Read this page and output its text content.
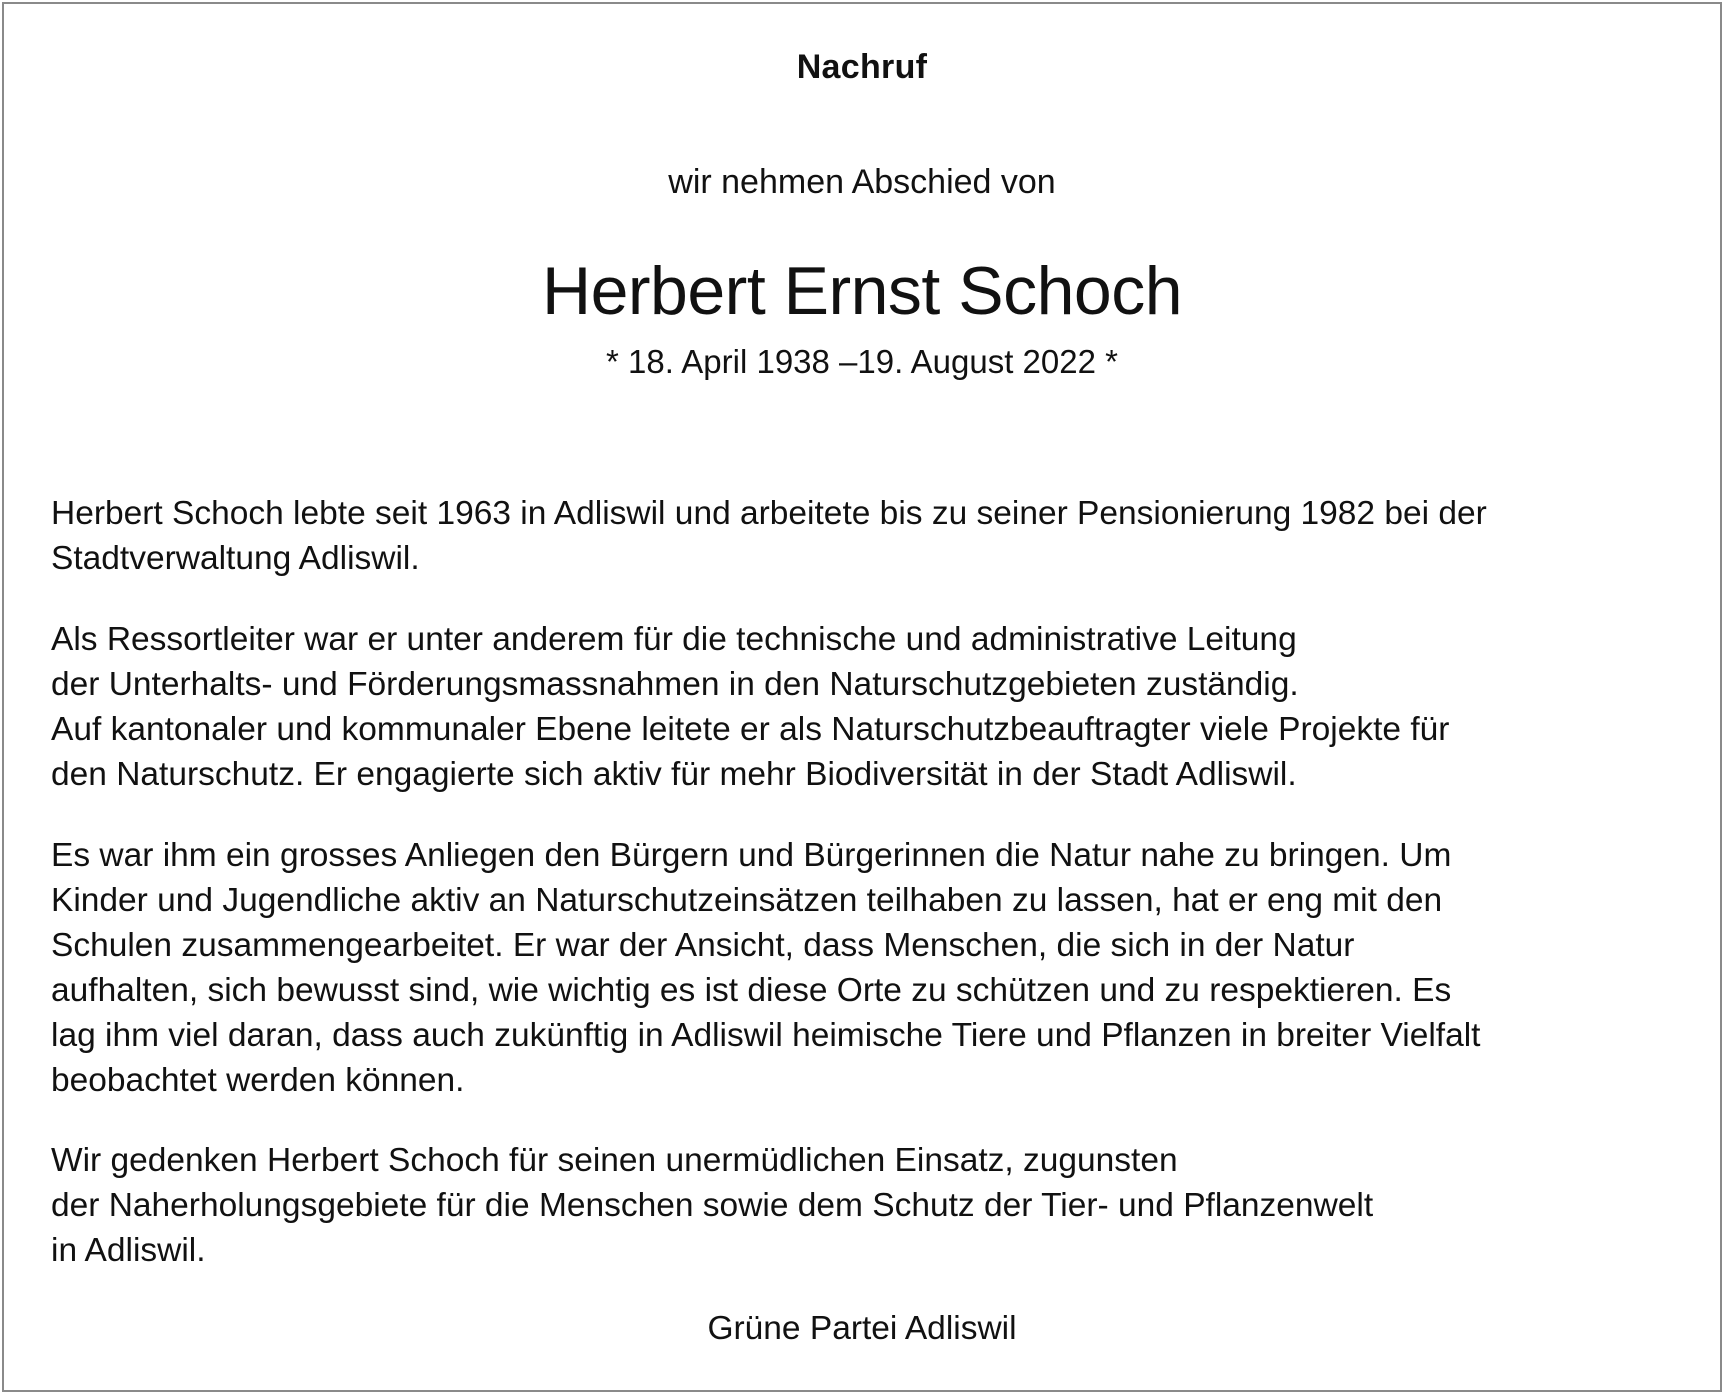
Nachruf

wir nehmen Abschied von

Herbert Ernst Schoch

* 18. April 1938 –19. August 2022 *

Herbert Schoch lebte seit 1963 in Adliswil und arbeitete bis zu seiner Pensionierung 1982 bei der
Stadtverwaltung Adliswil.

Als Ressortleiter war er unter anderem für die technische und administrative Leitung
der Unterhalts- und Förderungsmassnahmen in den Naturschutzgebieten zuständig.
Auf kantonaler und kommunaler Ebene leitete er als Naturschutzbeauftragter viele Projekte für
den Naturschutz. Er engagierte sich aktiv für mehr Biodiversität in der Stadt Adliswil.

Es war ihm ein grosses Anliegen den Bürgern und Bürgerinnen die Natur nahe zu bringen. Um
Kinder und Jugendliche aktiv an Naturschutzeinsätzen teilhaben zu lassen, hat er eng mit den
Schulen zusammengearbeitet. Er war der Ansicht, dass Menschen, die sich in der Natur
aufhalten, sich bewusst sind, wie wichtig es ist diese Orte zu schützen und zu respektieren. Es
lag ihm viel daran, dass auch zukünftig in Adliswil heimische Tiere und Pflanzen in breiter Vielfalt
beobachtet werden können.

Wir gedenken Herbert Schoch für seinen unermüdlichen Einsatz, zugunsten
der Naherholungsgebiete für die Menschen sowie dem Schutz der Tier- und Pflanzenwelt
in Adliswil.

Grüne Partei Adliswil
